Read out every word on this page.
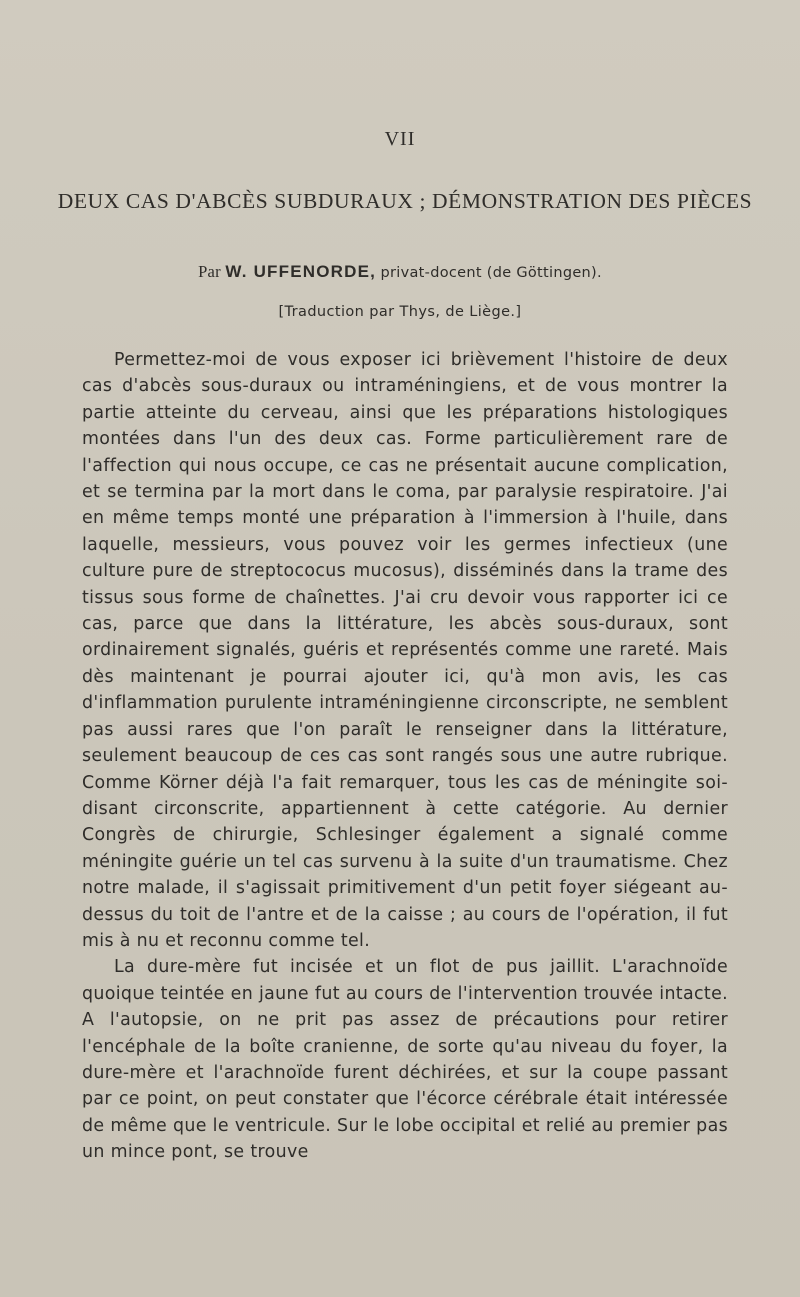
VII
DEUX CAS D'ABCÈS SUBDURAUX ; DÉMONSTRATION DES PIÈCES
Par W. UFFENORDE, privat-docent (de Göttingen).
[Traduction par Thys, de Liège.]

Permettez-moi de vous exposer ici brièvement l'histoire de deux cas d'abcès sous-duraux ou intraméningiens, et de vous montrer la partie atteinte du cerveau, ainsi que les préparations histologiques montées dans l'un des deux cas. Forme particulièrement rare de l'affection qui nous occupe, ce cas ne présentait aucune complication, et se termina par la mort dans le coma, par paralysie respiratoire. J'ai en même temps monté une préparation à l'immersion à l'huile, dans laquelle, messieurs, vous pouvez voir les germes infectieux (une culture pure de streptococus mucosus), disséminés dans la trame des tissus sous forme de chaînettes. J'ai cru devoir vous rapporter ici ce cas, parce que dans la littérature, les abcès sous-duraux, sont ordinairement signalés, guéris et représentés comme une rareté. Mais dès maintenant je pourrai ajouter ici, qu'à mon avis, les cas d'inflammation purulente intraméningienne circonscripte, ne semblent pas aussi rares que l'on paraît le renseigner dans la littérature, seulement beaucoup de ces cas sont rangés sous une autre rubrique. Comme Körner déjà l'a fait remarquer, tous les cas de méningite soi-disant circonscrite, appartiennent à cette catégorie. Au dernier Congrès de chirurgie, Schlesinger également a signalé comme méningite guérie un tel cas survenu à la suite d'un traumatisme. Chez notre malade, il s'agissait primitivement d'un petit foyer siégeant au-dessus du toit de l'antre et de la caisse ; au cours de l'opération, il fut mis à nu et reconnu comme tel.

La dure-mère fut incisée et un flot de pus jaillit. L'arachnoïde quoique teintée en jaune fut au cours de l'intervention trouvée intacte. A l'autopsie, on ne prit pas assez de précautions pour retirer l'encéphale de la boîte cranienne, de sorte qu'au niveau du foyer, la dure-mère et l'arachnoïde furent déchirées, et sur la coupe passant par ce point, on peut constater que l'écorce cérébrale était intéressée de même que le ventricule. Sur le lobe occipital et relié au premier pas un mince pont, se trouve
